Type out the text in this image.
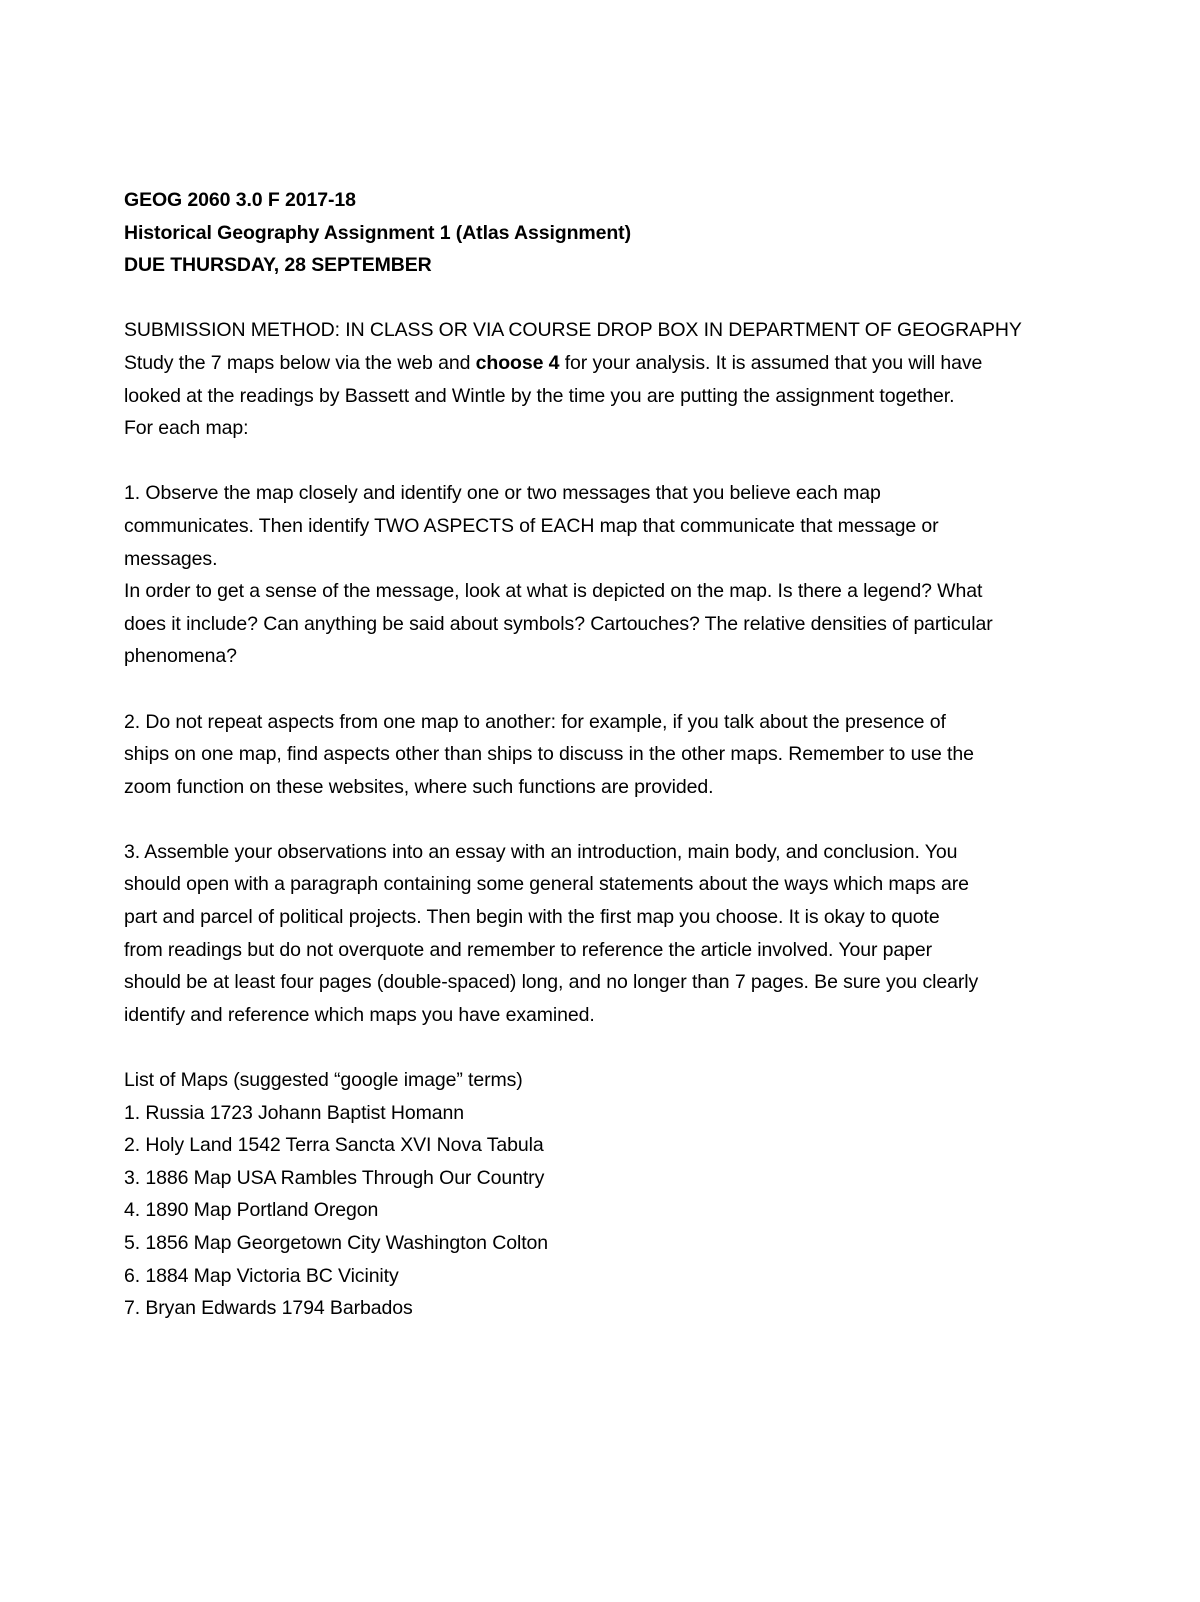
GEOG 2060 3.0 F 2017-18
Historical Geography Assignment 1 (Atlas Assignment)
DUE THURSDAY, 28 SEPTEMBER
SUBMISSION METHOD: IN CLASS OR VIA COURSE DROP BOX IN DEPARTMENT OF GEOGRAPHY
Study the 7 maps below via the web and choose 4 for your analysis. It is assumed that you will have
looked at the readings by Bassett and Wintle by the time you are putting the assignment together.
For each map:
1. Observe the map closely and identify one or two messages that you believe each map
communicates. Then identify TWO ASPECTS of EACH map that communicate that message or
messages.
In order to get a sense of the message, look at what is depicted on the map. Is there a legend? What
does it include? Can anything be said about symbols? Cartouches? The relative densities of particular
phenomena?
2. Do not repeat aspects from one map to another: for example, if you talk about the presence of
ships on one map, find aspects other than ships to discuss in the other maps. Remember to use the
zoom function on these websites, where such functions are provided.
3. Assemble your observations into an essay with an introduction, main body, and conclusion. You
should open with a paragraph containing some general statements about the ways which maps are
part and parcel of political projects. Then begin with the first map you choose. It is okay to quote
from readings but do not overquote and remember to reference the article involved. Your paper
should be at least four pages (double-spaced) long, and no longer than 7 pages. Be sure you clearly
identify and reference which maps you have examined.
List of Maps (suggested “google image” terms)
1. Russia 1723 Johann Baptist Homann
2. Holy Land 1542 Terra Sancta XVI Nova Tabula
3. 1886 Map USA Rambles Through Our Country
4. 1890 Map Portland Oregon
5. 1856 Map Georgetown City Washington Colton
6. 1884 Map Victoria BC Vicinity
7. Bryan Edwards 1794 Barbados
